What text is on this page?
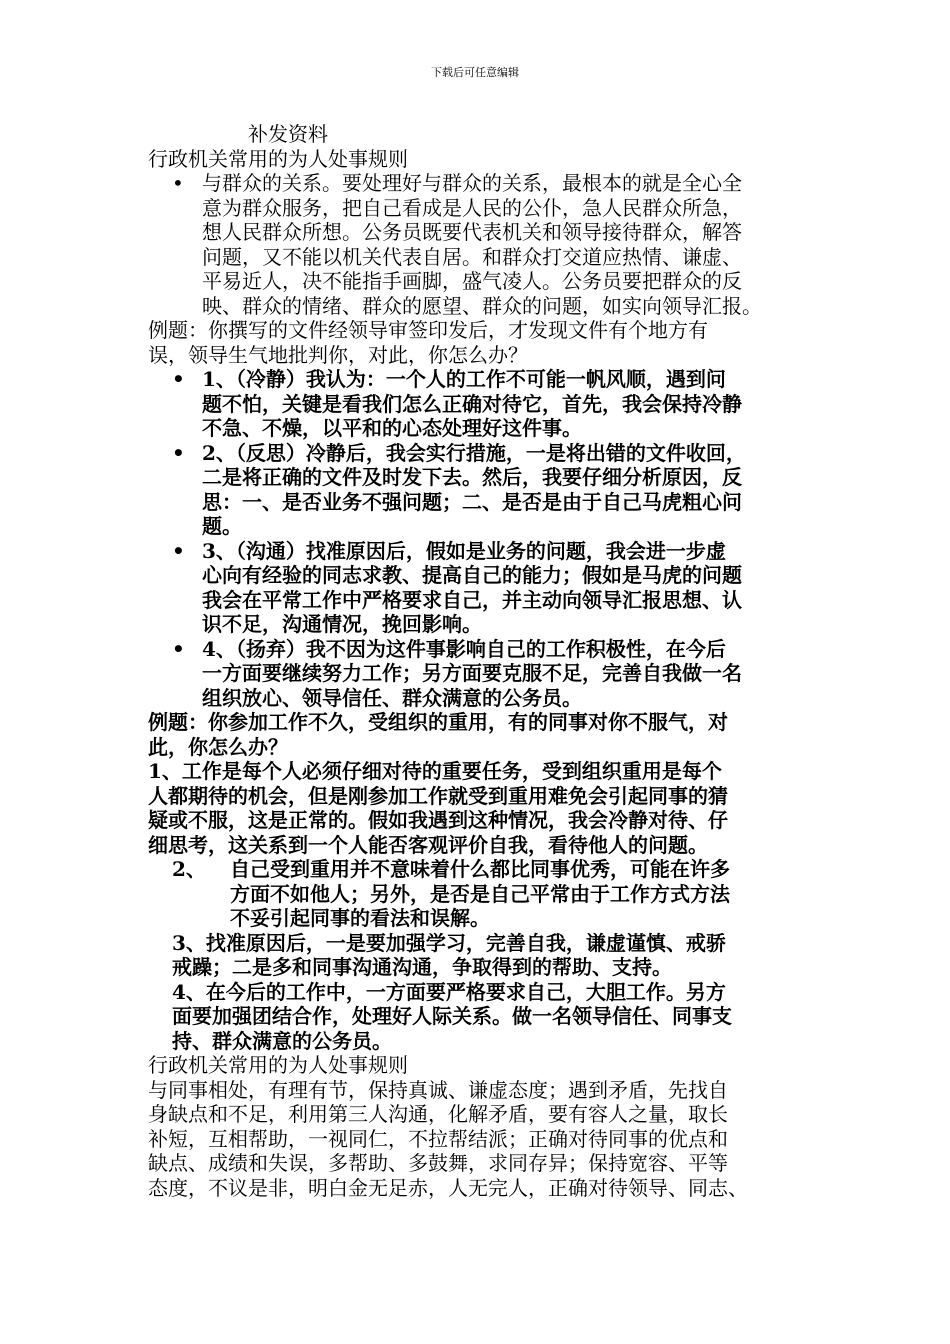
下载后可任意编辑
补发资料
行政机关常用的为人处事规则
• 与群众的关系。要处理好与群众的关系，最根本的就是全心全
意为群众服务，把自己看成是人民的公仆，急人民群众所急，
想人民群众所想。公务员既要代表机关和领导接待群众，解答
问题，又不能以机关代表自居。和群众打交道应热情、谦虚、
平易近人，决不能指手画脚，盛气凌人。公务员要把群众的反
映、群众的情绪、群众的愿望、群众的问题，如实向领导汇报。
例题：你撰写的文件经领导审签印发后，才发现文件有个地方有
误，领导生气地批判你，对此，你怎么办？
• 1、（冷静）我认为：一个人的工作不可能一帆风顺，遇到问
题不怕，关键是看我们怎么正确对待它，首先，我会保持冷静
不急、不燥，以平和的心态处理好这件事。
• 2、（反思）冷静后，我会实行措施，一是将出错的文件收回，
二是将正确的文件及时发下去。然后，我要仔细分析原因，反
思：一、是否业务不强问题；二、是否是由于自己马虎粗心问
题。
• 3、（沟通）找准原因后，假如是业务的问题，我会进一步虚
心向有经验的同志求教、提高自己的能力；假如是马虎的问题
我会在平常工作中严格要求自己，并主动向领导汇报思想、认
识不足，沟通情况，挽回影响。
• 4、（扬弃）我不因为这件事影响自己的工作积极性，在今后
一方面要继续努力工作；另方面要克服不足，完善自我做一名
组织放心、领导信任、群众满意的公务员。
例题：你参加工作不久，受组织的重用，有的同事对你不服气，对
此，你怎么办？
1、工作是每个人必须仔细对待的重要任务，受到组织重用是每个
人都期待的机会，但是刚参加工作就受到重用难免会引起同事的猜
疑或不服，这是正常的。假如我遇到这种情况，我会冷静对待、仔
细思考，这关系到一个人能否客观评价自我，看待他人的问题。
2、 自己受到重用并不意味着什么都比同事优秀，可能在许多
方面不如他人；另外，是否是自己平常由于工作方式方法
不妥引起同事的看法和误解。
3、找准原因后，一是要加强学习，完善自我，谦虚谨慎、戒骄
戒躁；二是多和同事沟通沟通，争取得到的帮助、支持。
4、在今后的工作中，一方面要严格要求自己，大胆工作。另方
面要加强团结合作，处理好人际关系。做一名领导信任、同事支
持、群众满意的公务员。
行政机关常用的为人处事规则
与同事相处，有理有节，保持真诚、谦虚态度；遇到矛盾，先找自
身缺点和不足，利用第三人沟通，化解矛盾，要有容人之量，取长
补短，互相帮助，一视同仁，不拉帮结派；正确对待同事的优点和
缺点、成绩和失误，多帮助、多鼓舞，求同存异；保持宽容、平等
态度，不议是非，明白金无足赤，人无完人，正确对待领导、同志、
